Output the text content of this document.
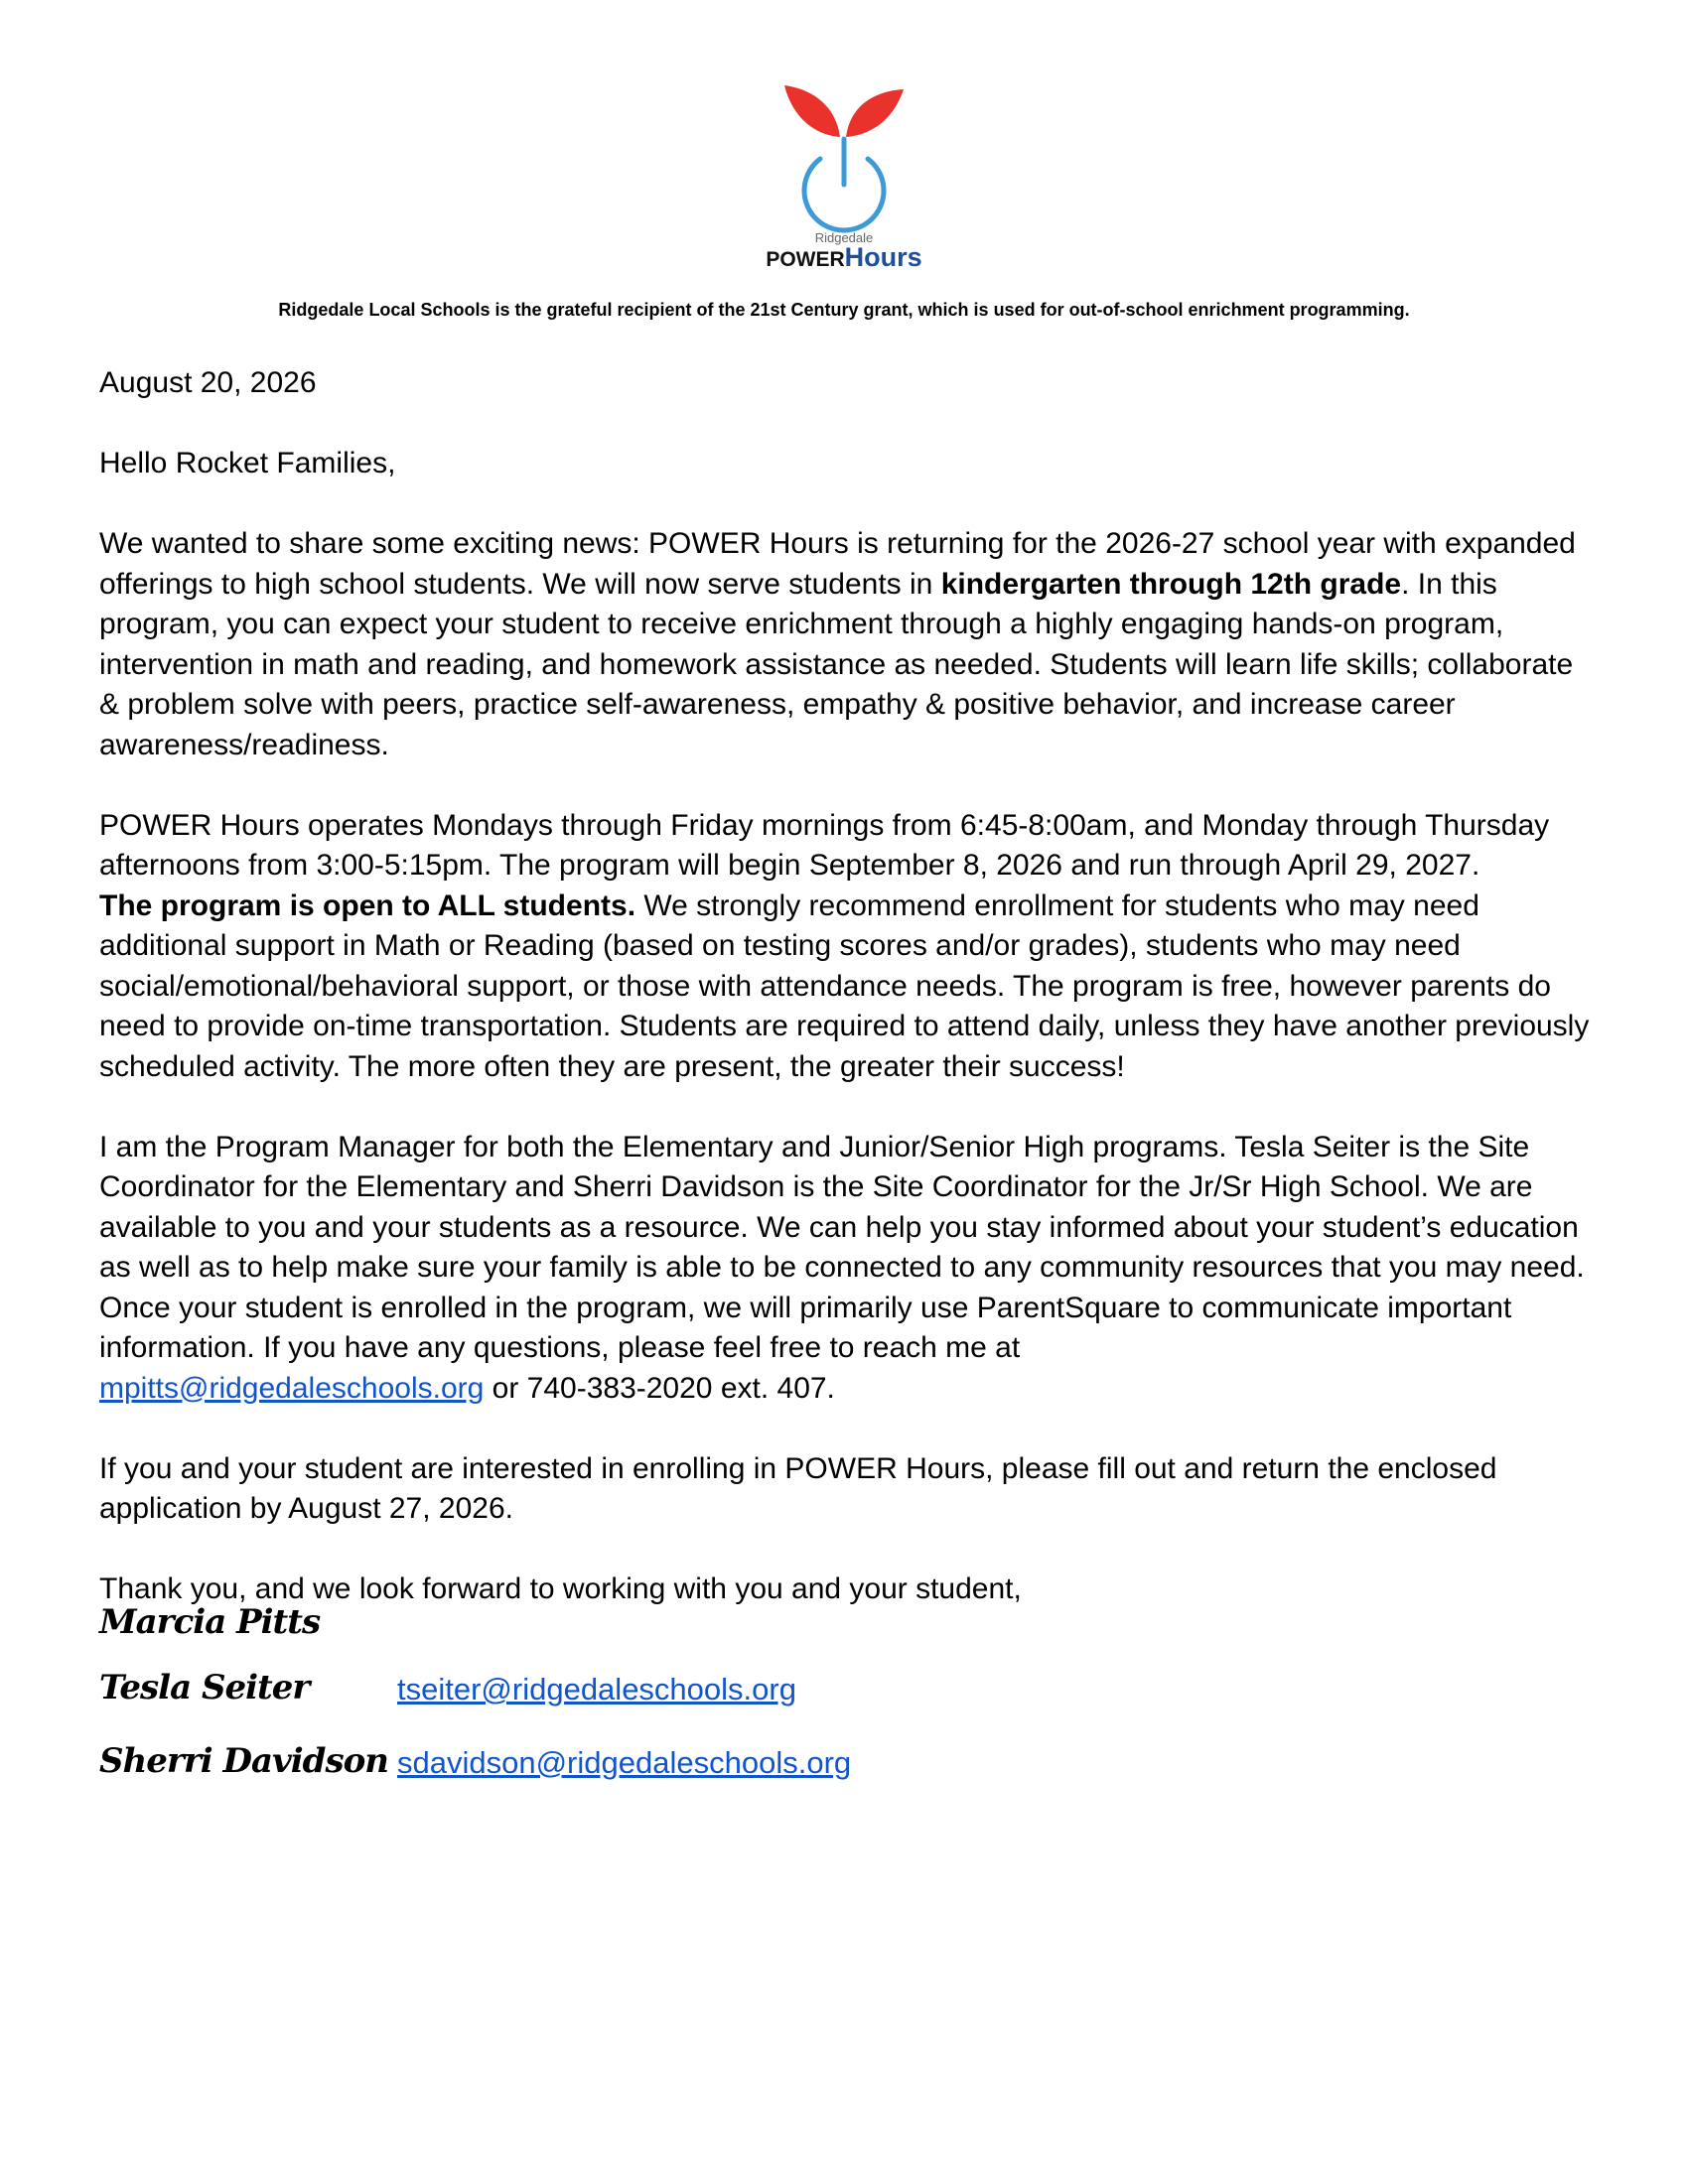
Ridgedale
POWERHours
Ridgedale Local Schools is the grateful recipient of the 21st Century grant, which is used for out-of-school enrichment programming.

August 20, 2026

Hello Rocket Families,

We wanted to share some exciting news: POWER Hours is returning for the 2026-27 school year with expanded offerings to high school students. We will now serve students in kindergarten through 12th grade. In this program, you can expect your student to receive enrichment through a highly engaging hands-on program, intervention in math and reading, and homework assistance as needed. Students will learn life skills; collaborate & problem solve with peers, practice self-awareness, empathy & positive behavior, and increase career awareness/readiness.

POWER Hours operates Mondays through Friday mornings from 6:45-8:00am, and Monday through Thursday afternoons from 3:00-5:15pm. The program will begin September 8, 2026 and run through April 29, 2027.
The program is open to ALL students. We strongly recommend enrollment for students who may need additional support in Math or Reading (based on testing scores and/or grades), students who may need social/emotional/behavioral support, or those with attendance needs. The program is free, however parents do need to provide on-time transportation. Students are required to attend daily, unless they have another previously scheduled activity. The more often they are present, the greater their success!

I am the Program Manager for both the Elementary and Junior/Senior High programs. Tesla Seiter is the Site Coordinator for the Elementary and Sherri Davidson is the Site Coordinator for the Jr/Sr High School. We are available to you and your students as a resource. We can help you stay informed about your student’s education as well as to help make sure your family is able to be connected to any community resources that you may need. Once your student is enrolled in the program, we will primarily use ParentSquare to communicate important information. If you have any questions, please feel free to reach me at
mpitts@ridgedaleschools.org or 740-383-2020 ext. 407.

If you and your student are interested in enrolling in POWER Hours, please fill out and return the enclosed application by August 27, 2026.

Thank you, and we look forward to working with you and your student,

Marcia Pitts
Tesla Seiter	tseiter@ridgedaleschools.org
Sherri Davidson sdavidson@ridgedaleschools.org
